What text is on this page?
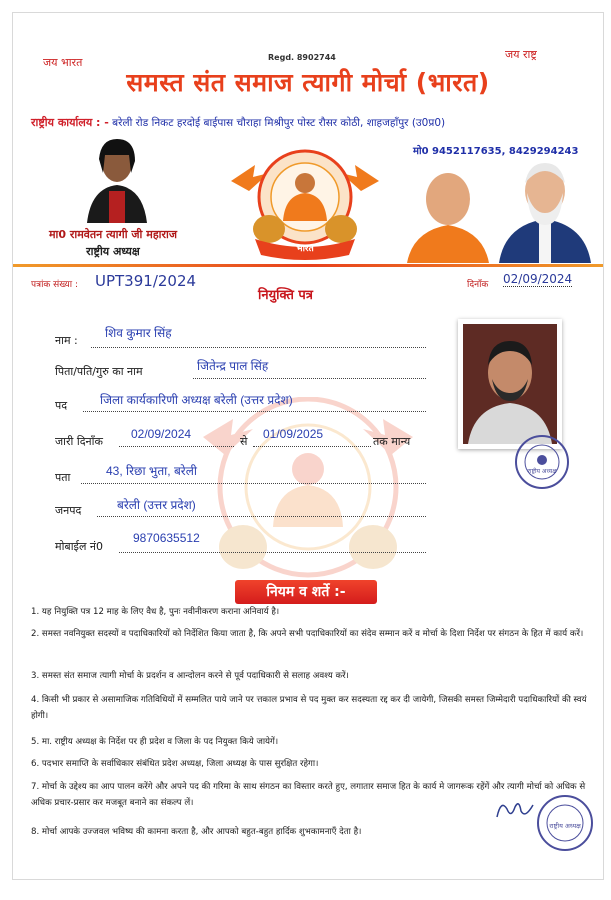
जय भारत	Regd. 8902744	जय राष्ट्र
समस्त संत समाज त्यागी मोर्चा (भारत)
राष्ट्रीय कार्यालय : - बरेली रोड निकट हरदोई बाईपास चौराहा मिश्रीपुर पोस्ट रौसर कोठी, शाहजहाँपुर (उ0प्र0)
मो0 9452117635, 8429294243
मा0 रामवेतन त्यागी जी महाराज
राष्ट्रीय अध्यक्ष	भारत
पत्रांक संख्या : UPT391/2024
नियुक्ति पत्र
दिनाँक 02/09/2024
नाम :
शिव कुमार सिंह
पिता/पति/गुरु का नाम	जितेन्द्र पाल सिंह
पद	जिला कार्यकारिणी अध्यक्ष बरेली (उत्तर प्रदेश)
जारी दिनाँक
02/09/2024
से
01/09/2025
तक मान्य
पता	43, रिछा भुता, बरेली
जनपद	बरेली (उत्तर प्रदेश)
मोबाईल नं0
9870635512
राष्ट्रीय अध्यक्ष
नियम व शर्ते :-
1. यह नियुक्ति पत्र 12 माह के लिए वैध है, पुनः नवीनीकरण कराना अनिवार्य है।
2. समस्त नवनियुक्त सदस्यों व पदाधिकारियों को निर्देशित किया जाता है, कि अपने सभी पदाधिकारियों का संदेव सम्मान करें व मोर्चा के दिशा निर्देश पर संगठन के हित में कार्य करें।
3. समस्त संत समाज त्यागी मोर्चा के प्रदर्शन व आन्दोलन करने से पूर्व पदाधिकारी से सलाह अवश्य करें।
4. किसी भी प्रकार से असामाजिक गतिविधियों में सम्मलित पाये जाने पर त्तकाल प्रभाव से पद मुक्त कर सदस्यता रद्द कर दी जायेगी, जिसकी समस्त जिम्मेदारी पदाधिकारियों की स्वयं होगी।
5. मा. राष्ट्रीय अध्यक्ष के निर्देश पर ही प्रदेश व जिला के पद नियुक्त किये जायेगें।
6. पदभार समाप्ति के सर्वाधिकार संबंधित प्रदेश अध्यक्ष, जिला अध्यक्ष के पास सुरक्षित रहेगा।
7. मोर्चा के उद्देश्य का आप पालन करेंगे और अपने पद की गरिमा के साथ संगठन का विस्तार करते हुए, लगातार समाज हित के कार्य मे जागरूक रहेंगें और त्यागी मोर्चा को अधिक से अधिक प्रचार-प्रसार कर मजबूत बनाने का संकल्प लें।
8. मोर्चा आपके उज्जवल भविष्य की कामना करता है, और आपको बहुत-बहुत हार्दिक शुभकामनाएँ देता है।
राष्ट्रीय अध्यक्ष
